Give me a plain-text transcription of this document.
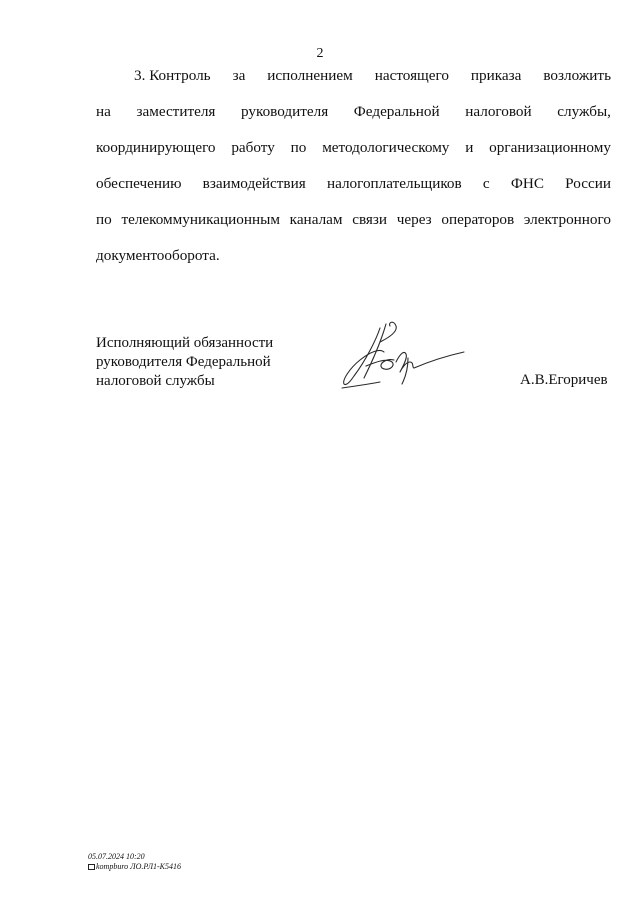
2
3. Контроль за исполнением настоящего приказа возложить
на заместителя руководителя Федеральной налоговой службы,
координирующего работу по методологическому и организационному
обеспечению взаимодействия налогоплательщиков с ФНС России
по телекоммуникационным каналам связи через операторов электронного
документооборота.
Исполняющий обязанности
руководителя Федеральной
налоговой службы	А.В.Егоричев
05.07.2024 10:20
kompburo ЛО.РЛ1-К5416
